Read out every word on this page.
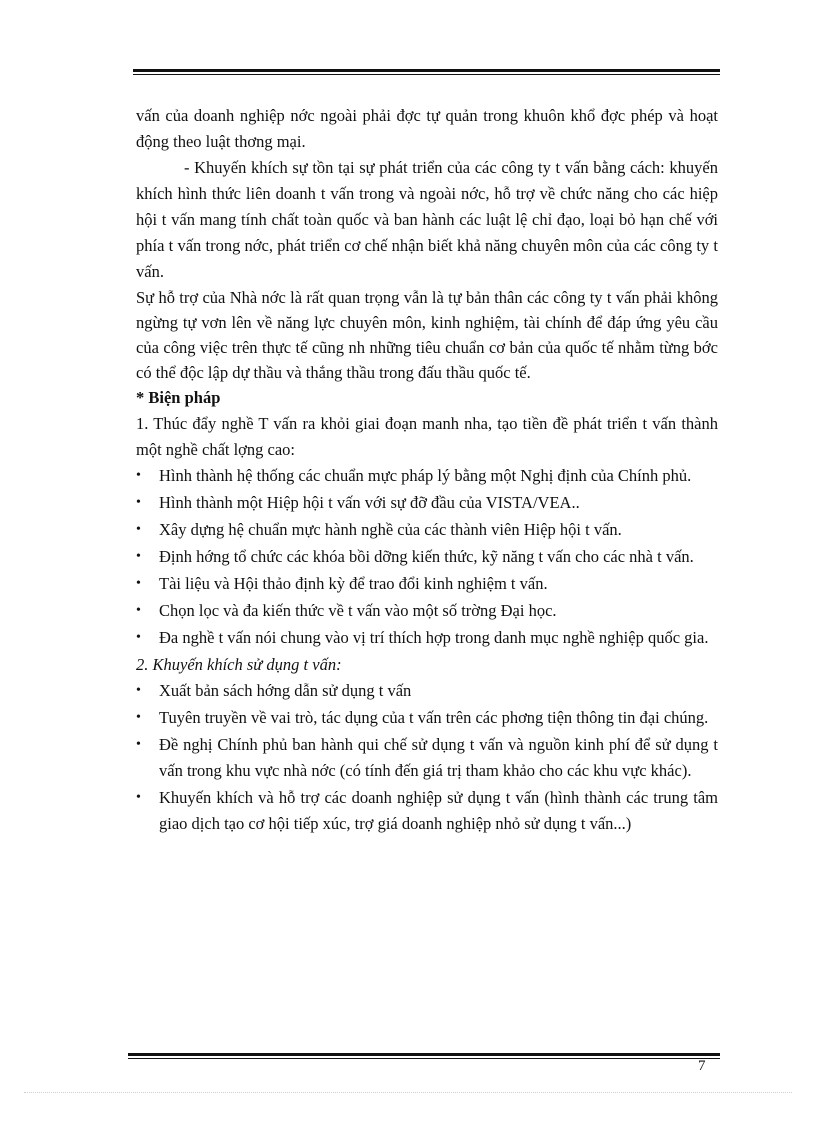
vấn của doanh nghiệp nớc ngoài phải đợc tự quản trong khuôn khổ đợc phép và hoạt động theo luật thơng mại.

- Khuyến khích sự tồn tại sự phát triển của các công ty t vấn bằng cách: khuyến khích hình thức liên doanh t vấn trong và ngoài nớc, hỗ trợ về chức năng cho các hiệp hội t vấn mang tính chất toàn quốc và ban hành các luật lệ chỉ đạo, loại bỏ hạn chế với phía t vấn trong nớc, phát triển cơ chế nhận biết khả năng chuyên môn của các công ty t vấn.

Sự hỗ trợ của Nhà nớc là rất quan trọng vẫn là tự bản thân các công ty t vấn phải không ngừng tự vơn lên về năng lực chuyên môn, kinh nghiệm, tài chính để đáp ứng yêu cầu của công việc trên thực tế cũng nh những tiêu chuẩn cơ bản của quốc tế nhằm từng bớc có thể độc lập dự thầu và thắng thầu trong đấu thầu quốc tế.

* Biện pháp

1. Thúc đẩy nghề T vấn ra khỏi giai đoạn manh nha, tạo tiền đề phát triển t vấn thành một nghề chất lợng cao:

• Hình thành hệ thống các chuẩn mực pháp lý bằng một Nghị định của Chính phủ.
• Hình thành một Hiệp hội t vấn với sự đỡ đầu của VISTA/VEA..
• Xây dựng hệ chuẩn mực hành nghề của các thành viên Hiệp hội t vấn.
• Định hớng tổ chức các khóa bồi dỡng kiến thức, kỹ năng t vấn cho các nhà t vấn.
• Tài liệu và Hội thảo định kỳ để trao đổi kinh nghiệm t vấn.
• Chọn lọc và đa kiến thức về t vấn vào một số trờng Đại học.
• Đa nghề t vấn nói chung vào vị trí thích hợp trong danh mục nghề nghiệp quốc gia.

2. Khuyến khích sử dụng t vấn:

• Xuất bản sách hớng dẫn sử dụng t vấn
• Tuyên truyền về vai trò, tác dụng của t vấn trên các phơng tiện thông tin đại chúng.
• Đề nghị Chính phủ ban hành qui chế sử dụng t vấn và nguồn kinh phí để sử dụng t vấn trong khu vực nhà nớc (có tính đến giá trị tham khảo cho các khu vực khác).
• Khuyến khích và hỗ trợ các doanh nghiệp sử dụng t vấn (hình thành các trung tâm giao dịch tạo cơ hội tiếp xúc, trợ giá doanh nghiệp nhỏ sử dụng t vấn...)
7
